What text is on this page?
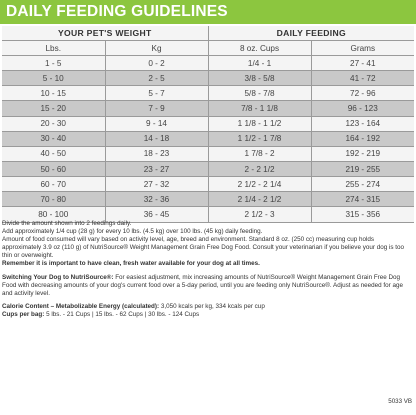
DAILY FEEDING GUIDELINES
YOUR PET'S WEIGHT		DAILY FEEDING	
Lbs.	Kg	8 oz. Cups	Grams
1 - 5	0 - 2	1/4 - 1	27 - 41
5 - 10	2 - 5	3/8 - 5/8	41 - 72
10 - 15	5 - 7	5/8 - 7/8	72 - 96
15 - 20	7 - 9	7/8 - 1 1/8	96 - 123
20 - 30	9 - 14	1 1/8 - 1 1/2	123 - 164
30 - 40	14 - 18	1 1/2 - 1 7/8	164 - 192
40 - 50	18 - 23	1 7/8 - 2	192 - 219
50 - 60	23 - 27	2 - 2 1/2	219 - 255
60 - 70	27 - 32	2 1/2 - 2 1/4	255 - 274
70 - 80	32 - 36	2 1/4 - 2 1/2	274 - 315
80 - 100	36 - 45	2 1/2 - 3	315 - 356

Divide the amount shown into 2 feedings daily.

Add approximately 1/4 cup (28 g) for every 10 lbs. (4.5 kg) over 100 lbs. (45 kg) daily feeding.

Amount of food consumed will vary based on activity level, age, breed and environment. Standard 8 oz. (250 cc) measuring cup holds approximately 3.9 oz (110 g) of NutriSource® Weight Management Grain Free Dog Food. Consult your veterinarian if you believe your dog is too thin or overweight.

Remember it is important to have clean, fresh water available for your dog at all times.

Switching Your Dog to NutriSource®: For easiest adjustment, mix increasing amounts of NutriSource® Weight Management Grain Free Dog Food with decreasing amounts of your dog's current food over a 5-day period, until you are feeding only NutriSource®. Adjust as needed for age and activity level.

Calorie Content – Metabolizable Energy (calculated): 3,050 kcals per kg, 334 kcals per cup

Cups per bag: 5 lbs. - 21 Cups | 15 lbs. - 62 Cups | 30 lbs. - 124 Cups

5033 VB
